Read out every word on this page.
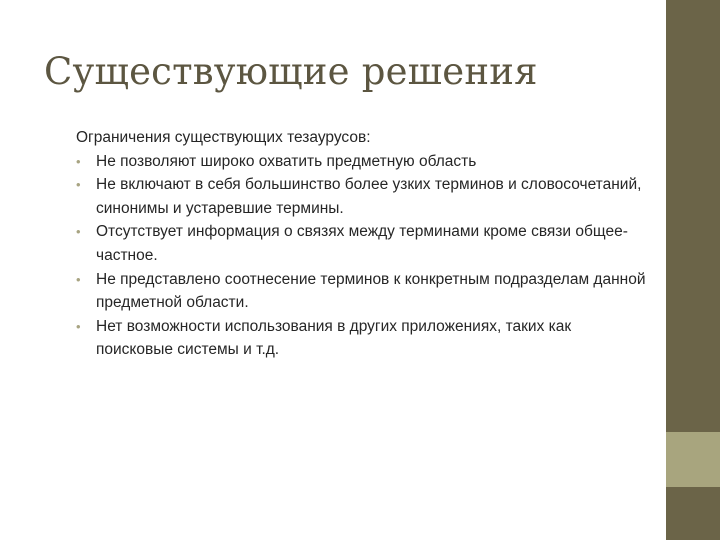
Существующие решения

Ограничения существующих тезаурусов:

• Не позволяют широко охватить предметную область
• Не включают в себя большинство более узких терминов и словосочетаний, синонимы и устаревшие термины.
• Отсутствует информация о связях между терминами кроме связи общее-частное.
• Не представлено соотнесение терминов к конкретным подразделам данной предметной области.
• Нет возможности использования в других приложениях, таких как поисковые системы и т.д.
